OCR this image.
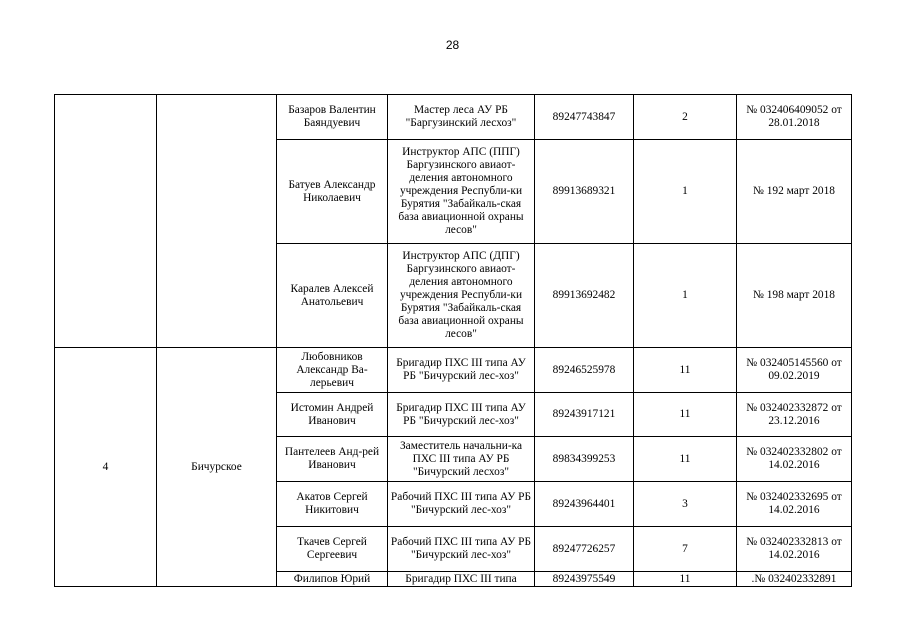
28
		Базаров Валентин Баяндуевич	Мастер леса АУ РБ "Баргузинский лесхоз"	89247743847	2	№ 032406409052 от 28.01.2018
		Батуев Александр Николаевич	Инструктор АПС (ППГ) Баргузинского авиаот-деления автономного учреждения Республи-ки Бурятия "Забайкаль-ская база авиационной охраны лесов"	89913689321	1	№ 192 март 2018
		Каралев Алексей Анатольевич	Инструктор АПС (ДПГ) Баргузинского авиаот-деления автономного учреждения Республи-ки Бурятия "Забайкаль-ская база авиационной охраны лесов"	89913692482	1	№ 198 март 2018
4	Бичурское	Любовников Александр Ва-лерьевич	Бригадир ПХС III типа АУ РБ "Бичурский лес-хоз"	89246525978	11	№ 032405145560 от 09.02.2019
		Истомин Андрей Иванович	Бригадир ПХС III типа АУ РБ "Бичурский лес-хоз"	89243917121	11	№ 032402332872 от 23.12.2016
		Пантелеев Анд-рей Иванович	Заместитель начальни-ка ПХС III типа АУ РБ "Бичурский лесхоз"	89834399253	11	№ 032402332802 от 14.02.2016
		Акатов Сергей Никитович	Рабочий ПХС III типа АУ РБ "Бичурский лес-хоз"	89243964401	3	№ 032402332695 от 14.02.2016
		Ткачев Сергей Сергеевич	Рабочий ПХС III типа АУ РБ "Бичурский лес-хоз"	89247726257	7	№ 032402332813 от 14.02.2016
		Филипов Юрий	Бригадир ПХС III типа	89243975549	11	.№ 032402332891
